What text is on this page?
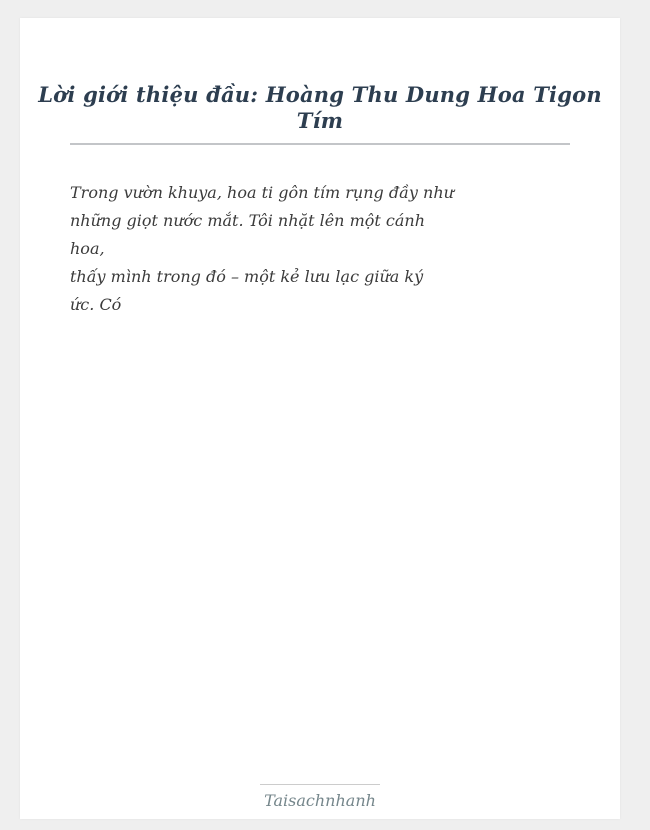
Lời giới thiệu đầu: Hoàng Thu Dung Hoa Tigon Tím
Trong vườn khuya, hoa ti gôn tím rụng đầy như
những giọt nước mắt. Tôi nhặt lên một cánh
hoa,
thấy mình trong đó – một kẻ lưu lạc giữa ký
ức. Có
Taisachnhanh
